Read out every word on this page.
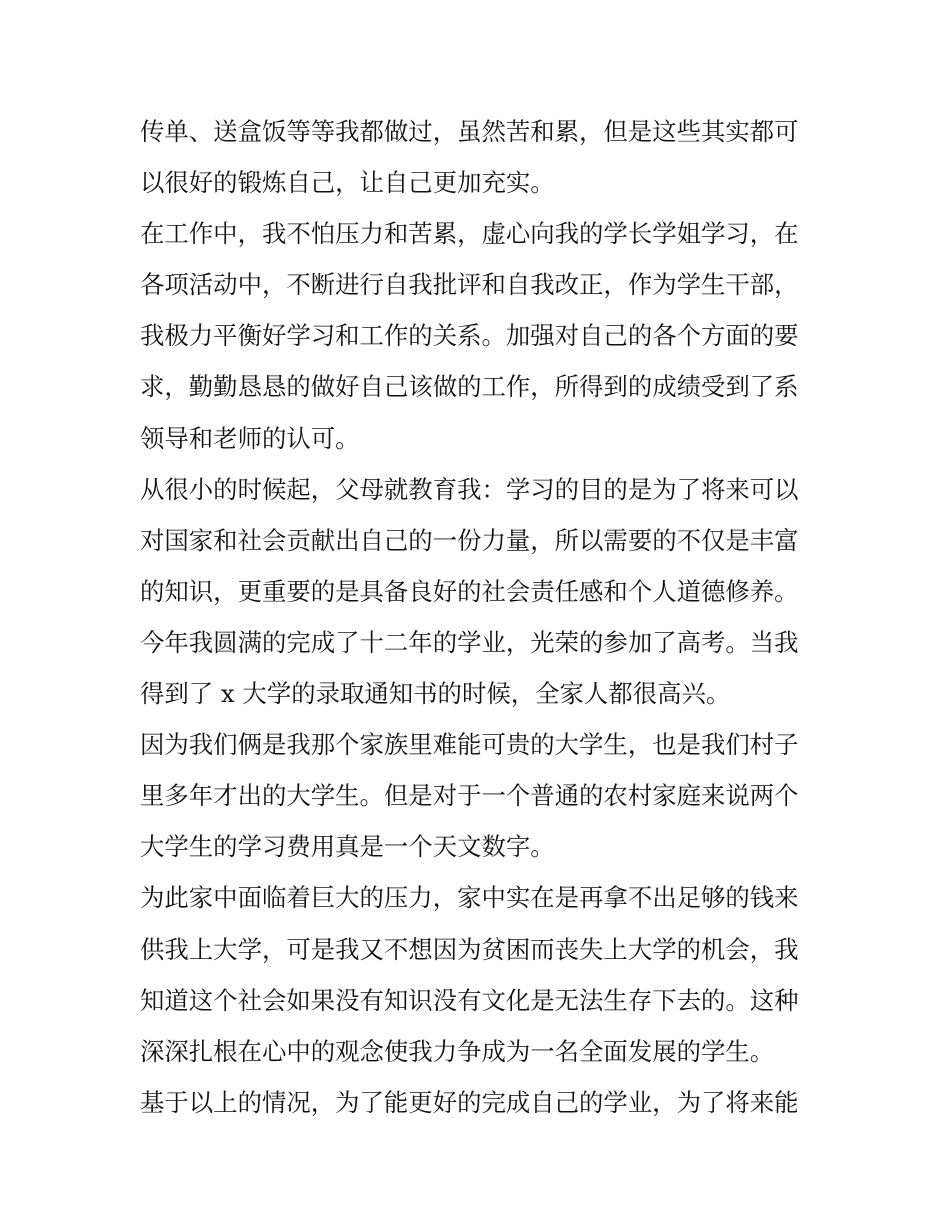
传单、送盒饭等等我都做过，虽然苦和累，但是这些其实都可
以很好的锻炼自己，让自己更加充实。

在工作中，我不怕压力和苦累，虚心向我的学长学姐学习，在
各项活动中，不断进行自我批评和自我改正，作为学生干部，
我极力平衡好学习和工作的关系。加强对自己的各个方面的要
求，勤勤恳恳的做好自己该做的工作，所得到的成绩受到了系
领导和老师的认可。

从很小的时候起，父母就教育我：学习的目的是为了将来可以
对国家和社会贡献出自己的一份力量，所以需要的不仅是丰富
的知识，更重要的是具备良好的社会责任感和个人道德修养。

今年我圆满的完成了十二年的学业，光荣的参加了高考。当我
得到了 x 大学的录取通知书的时候，全家人都很高兴。

因为我们俩是我那个家族里难能可贵的大学生，也是我们村子
里多年才出的大学生。但是对于一个普通的农村家庭来说两个
大学生的学习费用真是一个天文数字。

为此家中面临着巨大的压力，家中实在是再拿不出足够的钱来
供我上大学，可是我又不想因为贫困而丧失上大学的机会，我
知道这个社会如果没有知识没有文化是无法生存下去的。这种
深深扎根在心中的观念使我力争成为一名全面发展的学生。

基于以上的情况，为了能更好的完成自己的学业，为了将来能
